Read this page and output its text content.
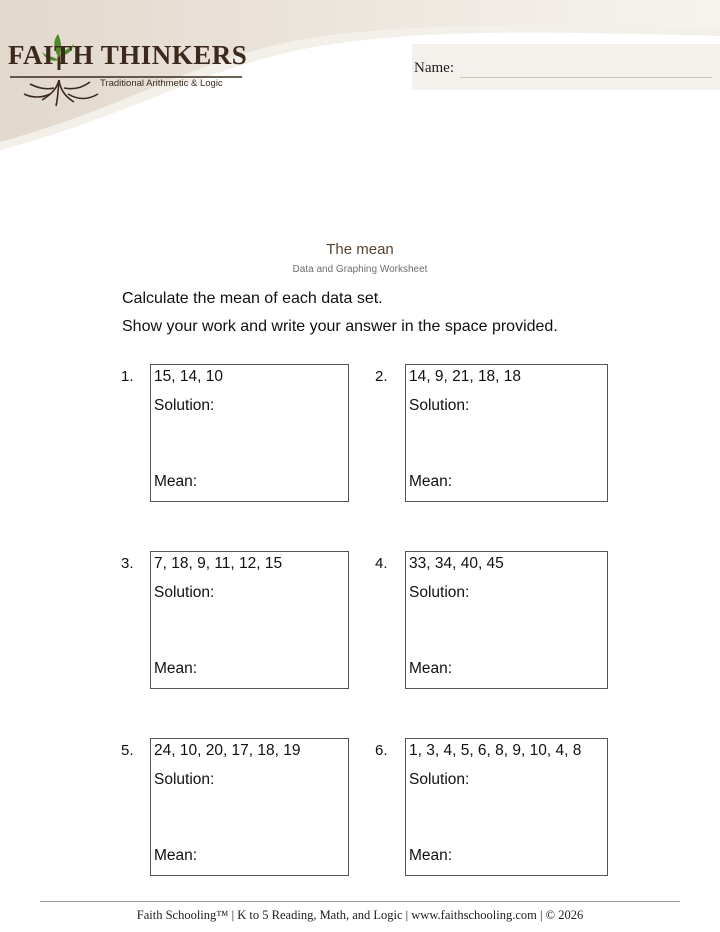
FAITH THINKERS
Traditional Arithmetic & Logic
Name:
The mean
Data and Graphing Worksheet
Calculate the mean of each data set.
Show your work and write your answer in the space provided.
1. 15, 14, 10
Solution:
Mean:
2. 14, 9, 21, 18, 18
Solution:
Mean:
3. 7, 18, 9, 11, 12, 15
Solution:
Mean:
4. 33, 34, 40, 45
Solution:
Mean:
5. 24, 10, 20, 17, 18, 19
Solution:
Mean:
6. 1, 3, 4, 5, 6, 8, 9, 10, 4, 8
Solution:
Mean:
Faith Schooling™ | K to 5 Reading, Math, and Logic | www.faithschooling.com | © 2026
